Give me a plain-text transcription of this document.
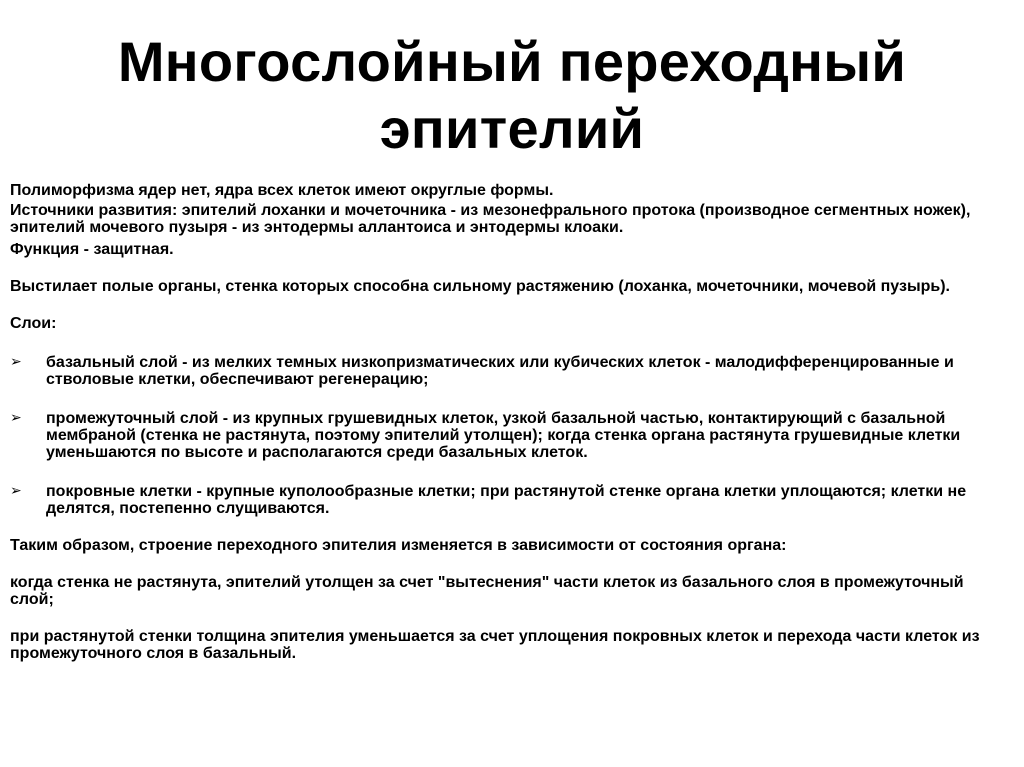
Многослойный переходный
эпителий

Полиморфизма ядер нет, ядра всех клеток имеют округлые формы.

Источники развития: эпителий лоханки и мочеточника - из мезонефрального протока (производное сегментных ножек), эпителий мочевого пузыря - из энтодермы аллантоиса и энтодермы клоаки.

Функция - защитная.

Выстилает полые органы, стенка которых способна сильному растяжению (лоханка, мочеточники, мочевой пузырь).

Слои:

➢ базальный слой - из мелких темных низкопризматических или кубических клеток - малодифференцированные и стволовые клетки, обеспечивают регенерацию;
➢ промежуточный слой - из крупных грушевидных клеток, узкой базальной частью, контактирующий с базальной мембраной (стенка не растянута, поэтому эпителий утолщен); когда стенка органа растянута грушевидные клетки уменьшаются по высоте и располагаются среди базальных клеток.
➢ покровные клетки - крупные куполообразные клетки; при растянутой стенке органа клетки уплощаются; клетки не делятся, постепенно слущиваются.

Таким образом, строение переходного эпителия изменяется в зависимости от состояния органа:

когда стенка не растянута, эпителий утолщен за счет "вытеснения" части клеток из базального слоя в промежуточный слой;

при растянутой стенки толщина эпителия уменьшается за счет уплощения покровных клеток и перехода части клеток из промежуточного слоя в базальный.
